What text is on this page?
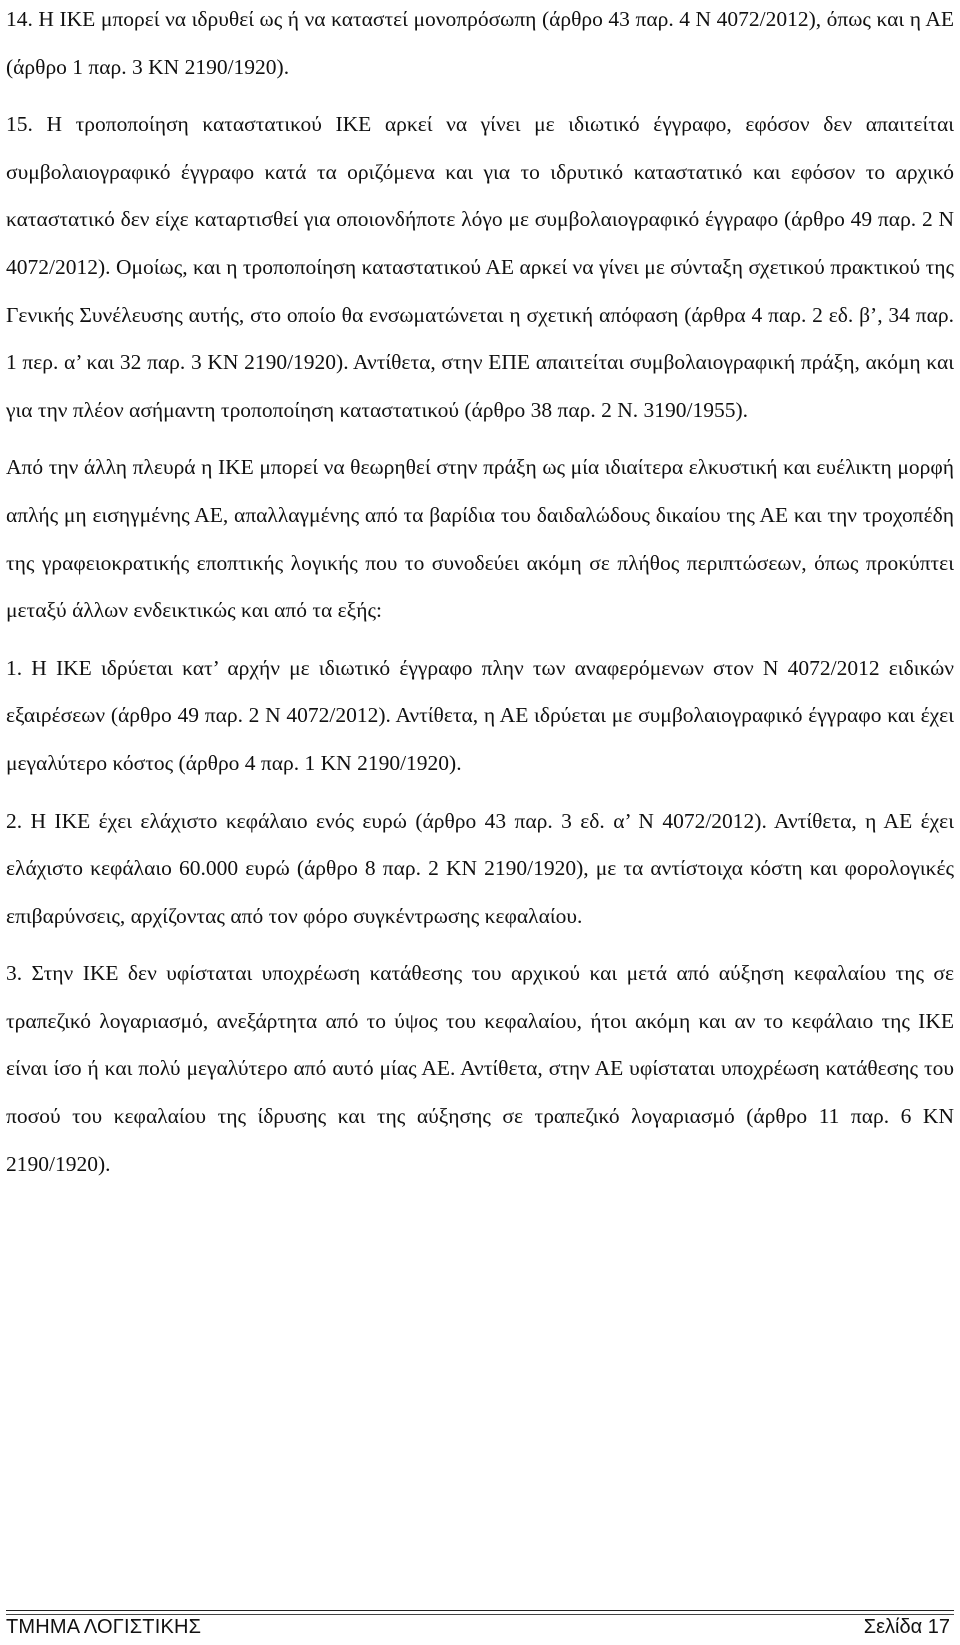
14. Η ΙΚΕ μπορεί να ιδρυθεί ως ή να καταστεί μονοπρόσωπη (άρθρο 43 παρ. 4 Ν 4072/2012), όπως και η ΑΕ (άρθρο 1 παρ. 3 ΚΝ 2190/1920).

15. Η τροποποίηση καταστατικού ΙΚΕ αρκεί να γίνει με ιδιωτικό έγγραφο, εφόσον δεν απαιτείται συμβολαιογραφικό έγγραφο κατά τα οριζόμενα και για το ιδρυτικό καταστατικό και εφόσον το αρχικό καταστατικό δεν είχε καταρτισθεί για οποιονδήποτε λόγο με συμβολαιογραφικό έγγραφο (άρθρο 49 παρ. 2 Ν 4072/2012). Ομοίως, και η τροποποίηση καταστατικού ΑΕ αρκεί να γίνει με σύνταξη σχετικού πρακτικού της Γενικής Συνέλευσης αυτής, στο οποίο θα ενσωματώνεται η σχετική απόφαση (άρθρα 4 παρ. 2 εδ. β’, 34 παρ. 1 περ. α’ και 32 παρ. 3 ΚΝ 2190/1920). Αντίθετα, στην ΕΠΕ απαιτείται συμβολαιογραφική πράξη, ακόμη και για την πλέον ασήμαντη τροποποίηση καταστατικού (άρθρο 38 παρ. 2 Ν. 3190/1955).

Από την άλλη πλευρά η ΙΚΕ μπορεί να θεωρηθεί στην πράξη ως μία ιδιαίτερα ελκυστική και ευέλικτη μορφή απλής μη εισηγμένης ΑΕ, απαλλαγμένης από τα βαρίδια του δαιδαλώδους δικαίου της ΑΕ και την τροχοπέδη της γραφειοκρατικής εποπτικής λογικής που το συνοδεύει ακόμη σε πλήθος περιπτώσεων, όπως προκύπτει μεταξύ άλλων ενδεικτικώς και από τα εξής:

1. Η ΙΚΕ ιδρύεται κατ’ αρχήν με ιδιωτικό έγγραφο πλην των αναφερόμενων στον Ν 4072/2012 ειδικών εξαιρέσεων (άρθρο 49 παρ. 2 Ν 4072/2012). Αντίθετα, η ΑΕ ιδρύεται με συμβολαιογραφικό έγγραφο και έχει μεγαλύτερο κόστος (άρθρο 4 παρ. 1 ΚΝ 2190/1920).

2. Η ΙΚΕ έχει ελάχιστο κεφάλαιο ενός ευρώ (άρθρο 43 παρ. 3 εδ. α’ Ν 4072/2012). Αντίθετα, η ΑΕ έχει ελάχιστο κεφάλαιο 60.000 ευρώ (άρθρο 8 παρ. 2 ΚΝ 2190/1920), με τα αντίστοιχα κόστη και φορολογικές επιβαρύνσεις, αρχίζοντας από τον φόρο συγκέντρωσης κεφαλαίου.

3. Στην ΙΚΕ δεν υφίσταται υποχρέωση κατάθεσης του αρχικού και μετά από αύξηση κεφαλαίου της σε τραπεζικό λογαριασμό, ανεξάρτητα από το ύψος του κεφαλαίου, ήτοι ακόμη και αν το κεφάλαιο της ΙΚΕ είναι ίσο ή και πολύ μεγαλύτερο από αυτό μίας ΑΕ. Αντίθετα, στην ΑΕ υφίσταται υποχρέωση κατάθεσης του ποσού του κεφαλαίου της ίδρυσης και της αύξησης σε τραπεζικό λογαριασμό (άρθρο 11 παρ. 6 ΚΝ 2190/1920).

ΤΜΗΜΑ ΛΟΓΙΣΤΙΚΗΣ	Σελίδα 17
